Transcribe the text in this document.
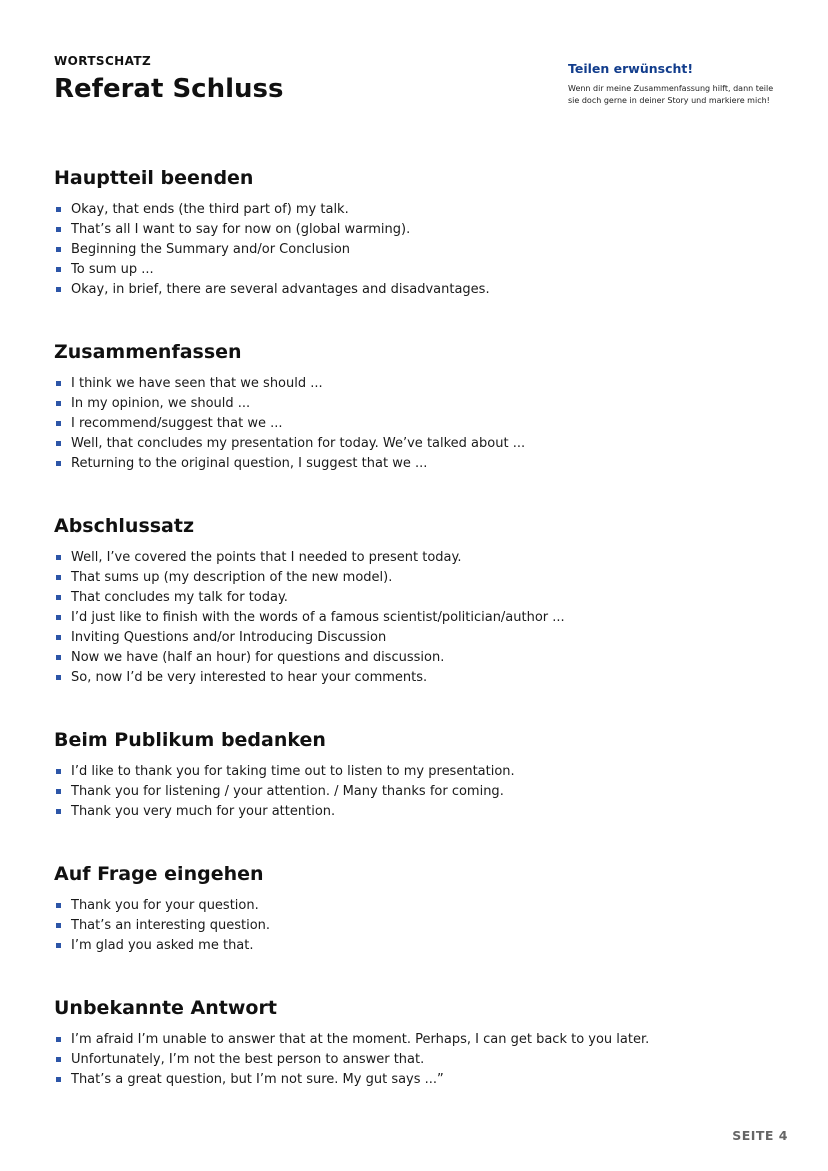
WORTSCHATZ
Referat Schluss
Teilen erwünscht!
Wenn dir meine Zusammenfassung hilft, dann teile
sie doch gerne in deiner Story und markiere mich!
Hauptteil beenden
Okay, that ends (the third part of) my talk.
That’s all I want to say for now on (global warming).
Beginning the Summary and/or Conclusion
To sum up ...
Okay, in brief, there are several advantages and disadvantages.
Zusammenfassen
I think we have seen that we should ...
In my opinion, we should ...
I recommend/suggest that we ...
Well, that concludes my presentation for today. We’ve talked about ...
Returning to the original question, I suggest that we ...
Abschlussatz
Well, I’ve covered the points that I needed to present today.
That sums up (my description of the new model).
That concludes my talk for today.
I’d just like to finish with the words of a famous scientist/politician/author ...
Inviting Questions and/or Introducing Discussion
Now we have (half an hour) for questions and discussion.
So, now I’d be very interested to hear your comments.
Beim Publikum bedanken
I’d like to thank you for taking time out to listen to my presentation.
Thank you for listening / your attention. / Many thanks for coming.
Thank you very much for your attention.
Auf Frage eingehen
Thank you for your question.
That’s an interesting question.
I’m glad you asked me that.
Unbekannte Antwort
I’m afraid I’m unable to answer that at the moment. Perhaps, I can get back to you later.
Unfortunately, I’m not the best person to answer that.
That’s a great question, but I’m not sure. My gut says ...”
SEITE 4
